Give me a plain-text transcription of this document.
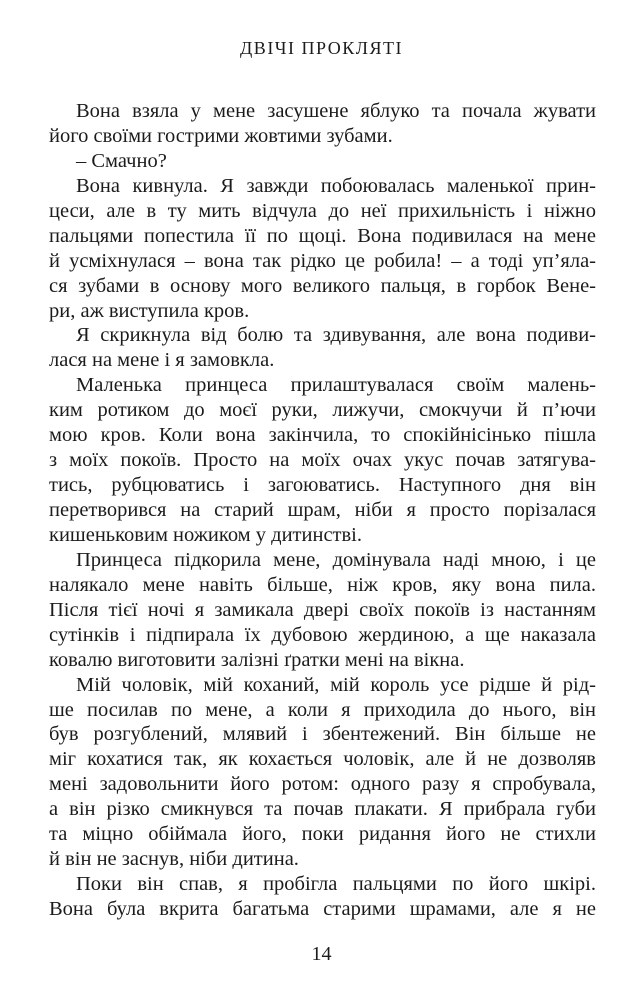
ДВІЧІ ПРОКЛЯТІ
Вона взяла у мене засушене яблуко та почала жувати
його своїми гострими жовтими зубами.
– Смачно?
Вона кивнула. Я завжди побоювалась маленької прин-
цеси, але в ту мить відчула до неї прихильність і ніжно
пальцями попестила її по щоці. Вона подивилася на мене
й усміхнулася – вона так рідко це робила! – а тоді уп’яла-
ся зубами в основу мого великого пальця, в горбок Вене-
ри, аж виступила кров.
Я скрикнула від болю та здивування, але вона подиви-
лася на мене і я замовкла.
Маленька принцеса прилаштувалася своїм малень-
ким ротиком до моєї руки, лижучи, смокчучи й п’ючи
мою кров. Коли вона закінчила, то спокійнісінько пішла
з моїх покоїв. Просто на моїх очах укус почав затягува-
тись, рубцюватись і загоюватись. Наступного дня він
перетворився на старий шрам, ніби я просто порізалася
кишеньковим ножиком у дитинстві.
Принцеса підкорила мене, домінувала наді мною, і це
налякало мене навіть більше, ніж кров, яку вона пила.
Після тієї ночі я замикала двері своїх покоїв із настанням
сутінків і підпирала їх дубовою жердиною, а ще наказала
ковалю виготовити залізні ґратки мені на вікна.
Мій чоловік, мій коханий, мій король усе рідше й рід-
ше посилав по мене, а коли я приходила до нього, він
був розгублений, млявий і збентежений. Він більше не
міг кохатися так, як кохається чоловік, але й не дозволяв
мені задовольнити його ротом: одного разу я спробувала,
а він різко смикнувся та почав плакати. Я прибрала губи
та міцно обіймала його, поки ридання його не стихли
й він не заснув, ніби дитина.
Поки він спав, я пробігла пальцями по його шкірі.
Вона була вкрита багатьма старими шрамами, але я не
14
